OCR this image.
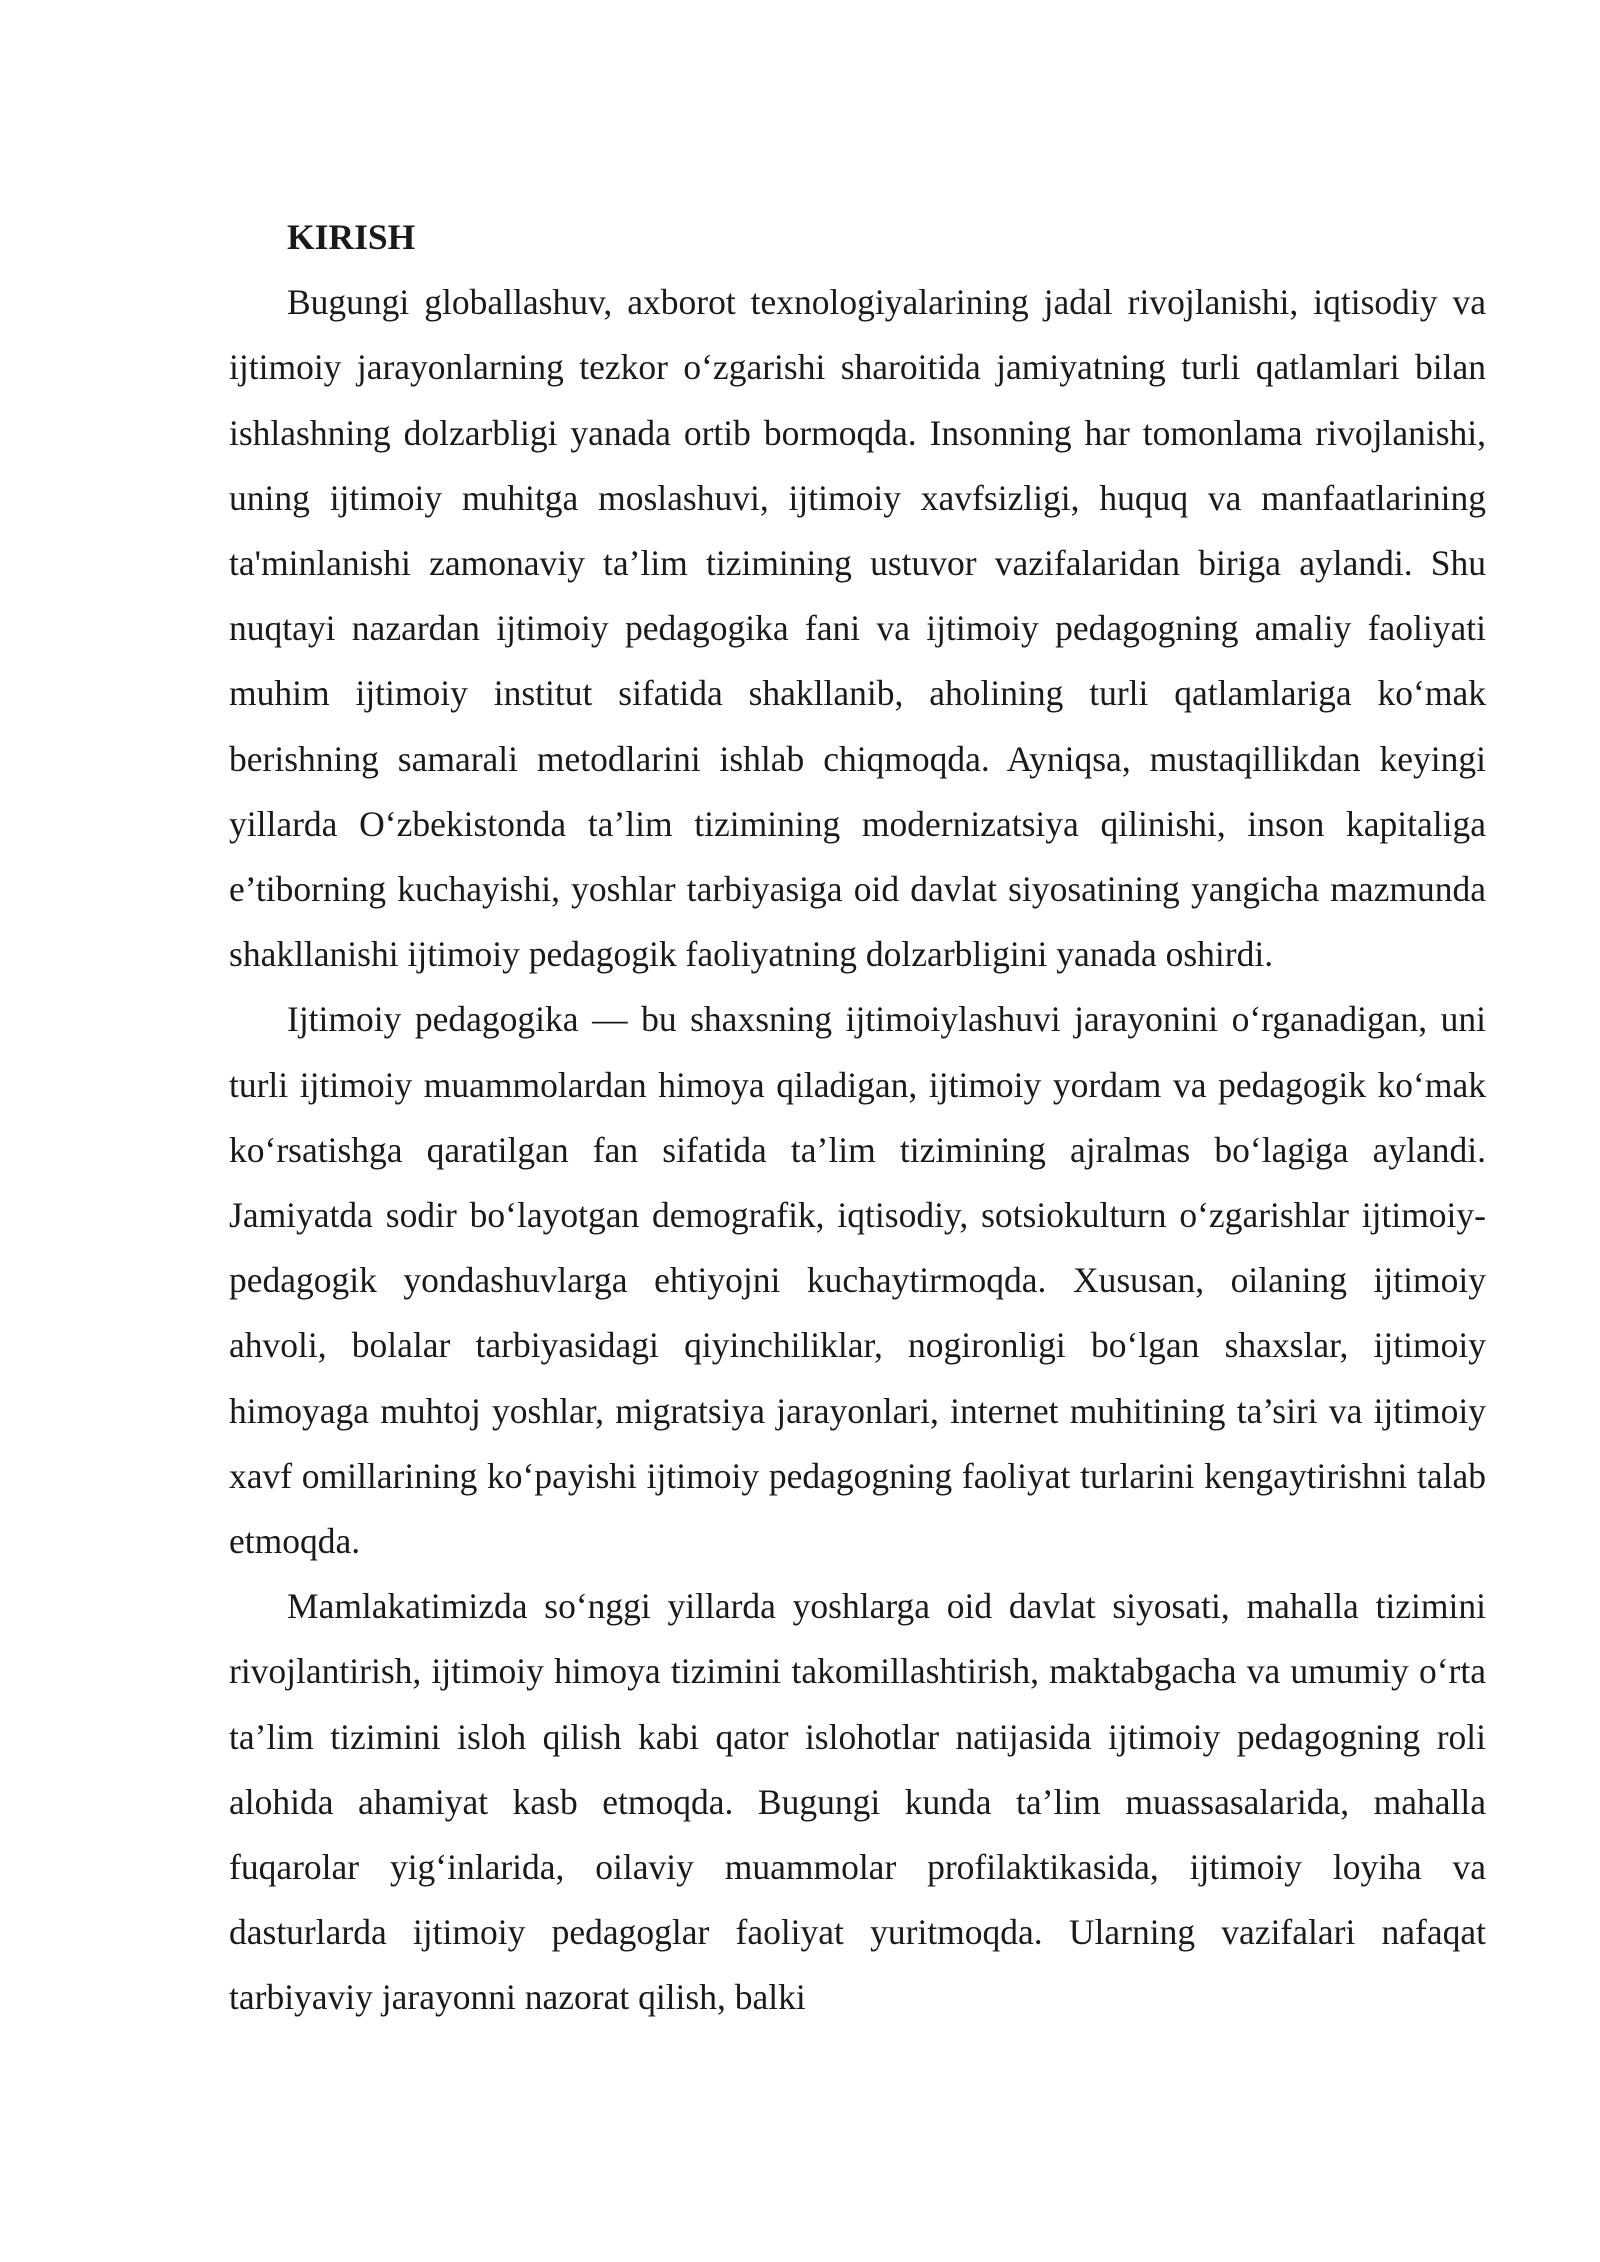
KIRISH

Bugungi globallashuv, axborot texnologiyalarining jadal rivojlanishi, iqtisodiy va ijtimoiy jarayonlarning tezkor o‘zgarishi sharoitida jamiyatning turli qatlamlari bilan ishlashning dolzarbligi yanada ortib bormoqda. Insonning har tomonlama rivojlanishi, uning ijtimoiy muhitga moslashuvi, ijtimoiy xavfsizligi, huquq va manfaatlarining ta'minlanishi zamonaviy ta’lim tizimining ustuvor vazifalaridan biriga aylandi. Shu nuqtayi nazardan ijtimoiy pedagogika fani va ijtimoiy pedagogning amaliy faoliyati muhim ijtimoiy institut sifatida shakllanib, aholining turli qatlamlariga ko‘mak berishning samarali metodlarini ishlab chiqmoqda. Ayniqsa, mustaqillikdan keyingi yillarda O‘zbekistonda ta’lim tizimining modernizatsiya qilinishi, inson kapitaliga e’tiborning kuchayishi, yoshlar tarbiyasiga oid davlat siyosatining yangicha mazmunda shakllanishi ijtimoiy pedagogik faoliyatning dolzarbligini yanada oshirdi.

Ijtimoiy pedagogika — bu shaxsning ijtimoiylashuvi jarayonini o‘rganadigan, uni turli ijtimoiy muammolardan himoya qiladigan, ijtimoiy yordam va pedagogik ko‘mak ko‘rsatishga qaratilgan fan sifatida ta’lim tizimining ajralmas bo‘lagiga aylandi. Jamiyatda sodir bo‘layotgan demografik, iqtisodiy, sotsiokulturn o‘zgarishlar ijtimoiy-pedagogik yondashuvlarga ehtiyojni kuchaytirmoqda. Xususan, oilaning ijtimoiy ahvoli, bolalar tarbiyasidagi qiyinchiliklar, nogironligi bo‘lgan shaxslar, ijtimoiy himoyaga muhtoj yoshlar, migratsiya jarayonlari, internet muhitining ta’siri va ijtimoiy xavf omillarining ko‘payishi ijtimoiy pedagogning faoliyat turlarini kengaytirishni talab etmoqda.

Mamlakatimizda so‘nggi yillarda yoshlarga oid davlat siyosati, mahalla tizimini rivojlantirish, ijtimoiy himoya tizimini takomillashtirish, maktabgacha va umumiy o‘rta ta’lim tizimini isloh qilish kabi qator islohotlar natijasida ijtimoiy pedagogning roli alohida ahamiyat kasb etmoqda. Bugungi kunda ta’lim muassasalarida, mahalla fuqarolar yig‘inlarida, oilaviy muammolar profilaktikasida, ijtimoiy loyiha va dasturlarda ijtimoiy pedagoglar faoliyat yuritmoqda. Ularning vazifalari nafaqat tarbiyaviy jarayonni nazorat qilish, balki
